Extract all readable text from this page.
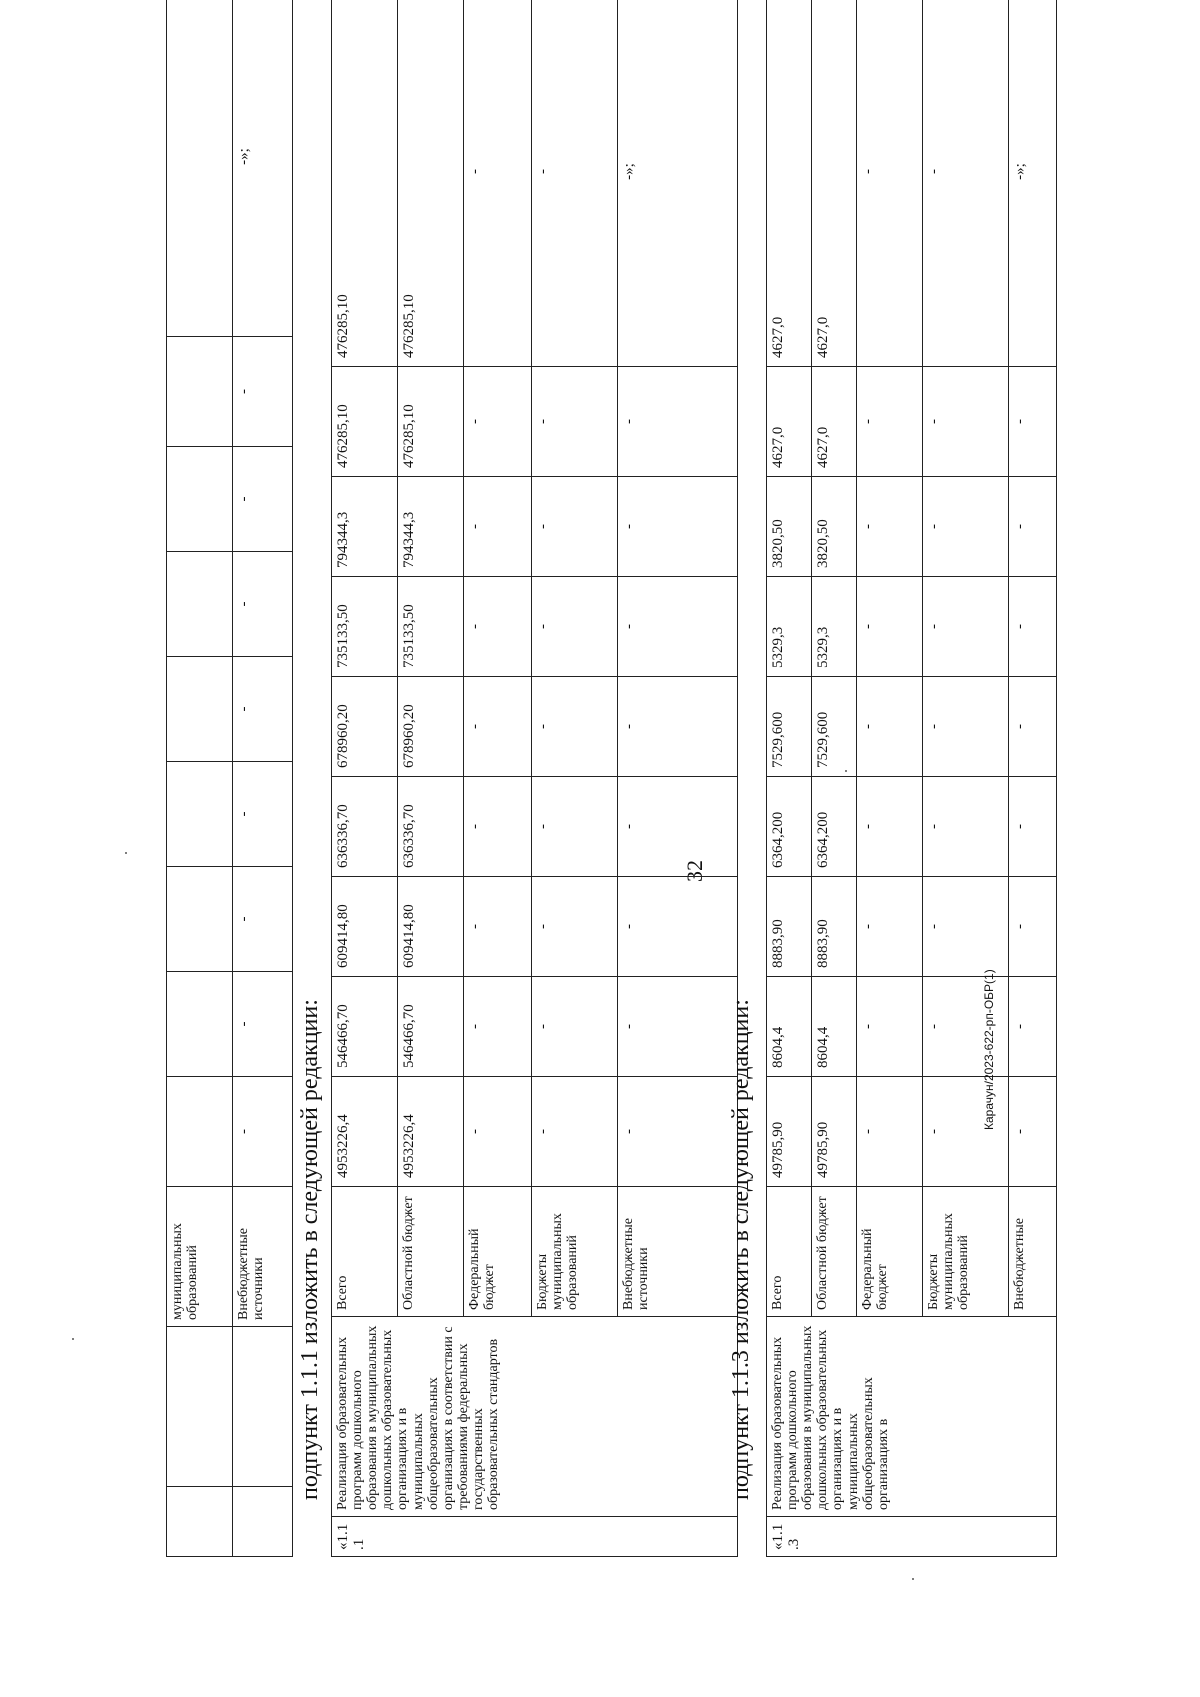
32
		муниципальных образований									
		Внебюджетные источники	-	-	-	-	-	-	-	-	-»;
подпункт 1.1.1 изложить в следующей редакции:
«1.1.1	Реализация образовательных программ дошкольного образования в муниципальных дошкольных образовательных организациях и в муниципальных общеобразовательных организациях в соответствии с требованиями федеральных государственных образовательных стандартов	Всего	4953226,4	546466,70	609414,80	636336,70	678960,20	735133,50	794344,3	476285,10	476285,10
		Областной бюджет	4953226,4	546466,70	609414,80	636336,70	678960,20	735133,50	794344,3	476285,10	476285,10
		Федеральный бюджет	-	-	-	-	-	-	-	-	-
		Бюджеты муниципальных образований	-	-	-	-	-	-	-	-	-
		Внебюджетные источники	-	-	-	-	-	-	-	-	-»;
подпункт 1.1.3 изложить в следующей редакции:
«1.1.3	Реализация образовательных программ дошкольного образования в муниципальных дошкольных образовательных организациях и в муниципальных общеобразовательных организациях в	Всего	49785,90	8604,4	8883,90	6364,200	7529,600	5329,3	3820,50	4627,0	4627,0
		Областной бюджет	49785,90	8604,4	8883,90	6364,200	7529,600	5329,3	3820,50	4627,0	4627,0
		Федеральный бюджет	-	-	-	-	-	-	-	-	-
		Бюджеты муниципальных образований	-	-	-	-	-	-	-	-	-
		Внебюджетные	-	-	-	-	-	-	-	-	-»;
Карачун/2023-622-рп-ОБР(1)
